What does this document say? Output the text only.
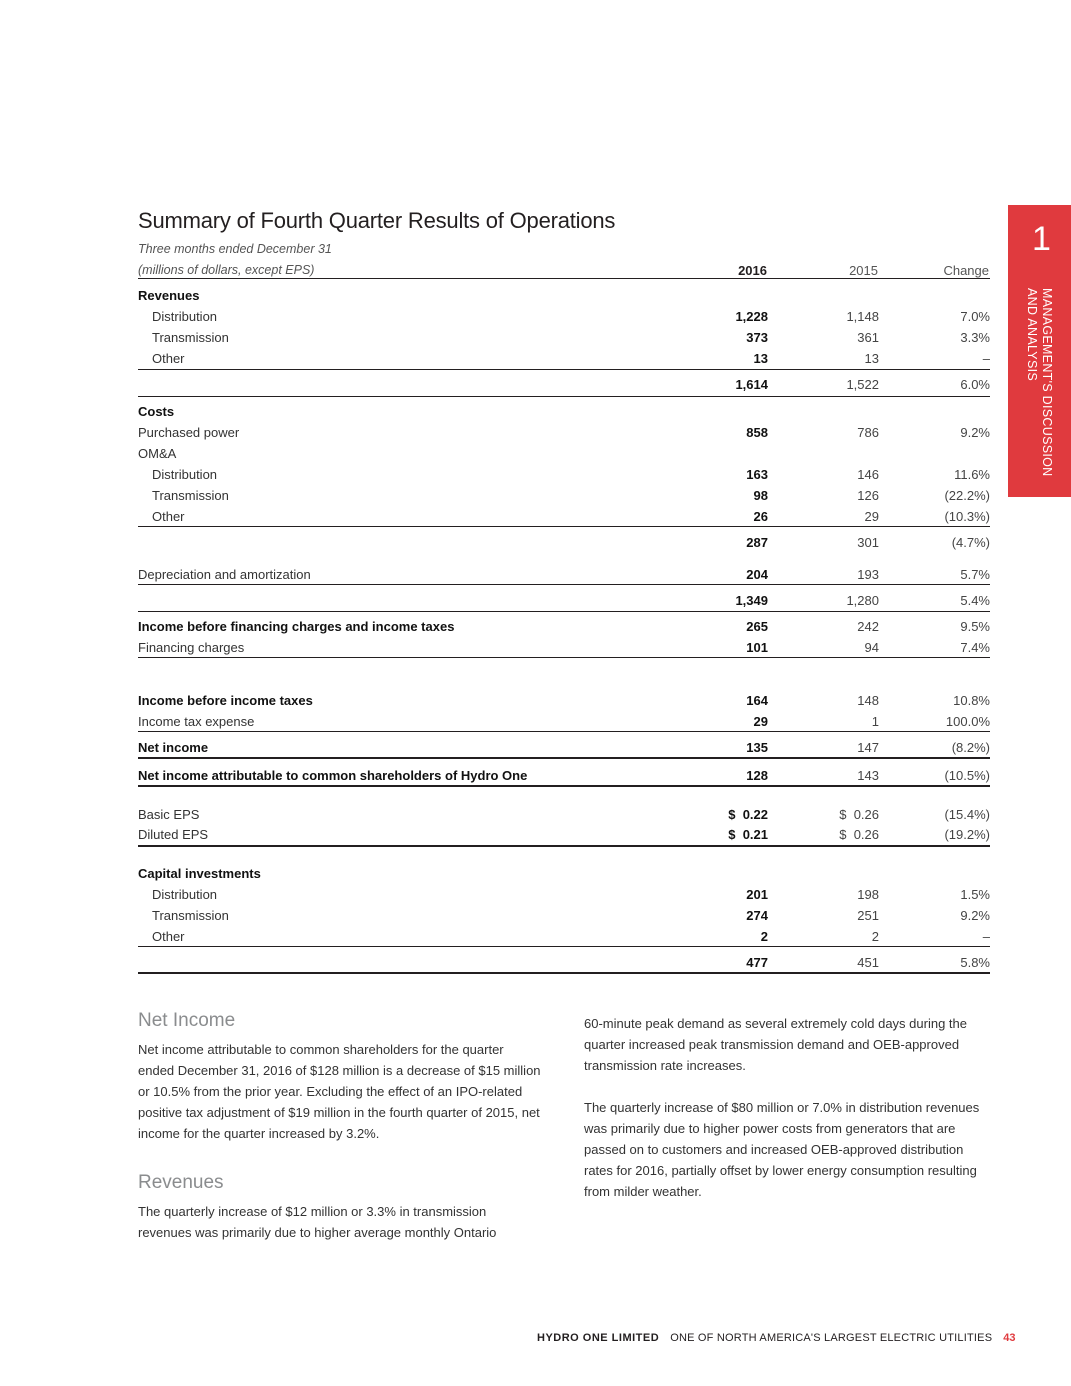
Summary of Fourth Quarter Results of Operations
Three months ended December 31
(millions of dollars, except EPS)	2016	2015	Change
Revenues
Distribution	1,228	1,148	7.0%
Transmission	373	361	3.3%
Other	13	13	–
1,614	1,522	6.0%
Costs
Purchased power	858	786	9.2%
OM&A
Distribution	163	146	11.6%
Transmission	98	126	(22.2%)
Other	26	29	(10.3%)
287	301	(4.7%)
Depreciation and amortization	204	193	5.7%
1,349	1,280	5.4%
Income before financing charges and income taxes	265	242	9.5%
Financing charges	101	94	7.4%
Income before income taxes	164	148	10.8%
Income tax expense	29	1	100.0%
Net income	135	147	(8.2%)
Net income attributable to common shareholders of Hydro One	128	143	(10.5%)
Basic EPS	$  0.22	$  0.26	(15.4%)
Diluted EPS	$  0.21	$  0.26	(19.2%)
Capital investments
Distribution	201	198	1.5%
Transmission	274	251	9.2%
Other	2	2	–
477	451	5.8%
1
MANAGEMENT'S DISCUSSION
AND ANALYSIS
Net Income
Net income attributable to common shareholders for the quarter ended December 31, 2016 of $128 million is a decrease of $15 million or 10.5% from the prior year. Excluding the effect of an IPO-related positive tax adjustment of $19 million in the fourth quarter of 2015, net income for the quarter increased by 3.2%.
Revenues
The quarterly increase of $12 million or 3.3% in transmission revenues was primarily due to higher average monthly Ontario
60-minute peak demand as several extremely cold days during the quarter increased peak transmission demand and OEB-approved transmission rate increases.
The quarterly increase of $80 million or 7.0% in distribution revenues was primarily due to higher power costs from generators that are passed on to customers and increased OEB-approved distribution rates for 2016, partially offset by lower energy consumption resulting from milder weather.
HYDRO ONE LIMITED ONE OF NORTH AMERICA'S LARGEST ELECTRIC UTILITIES 43
